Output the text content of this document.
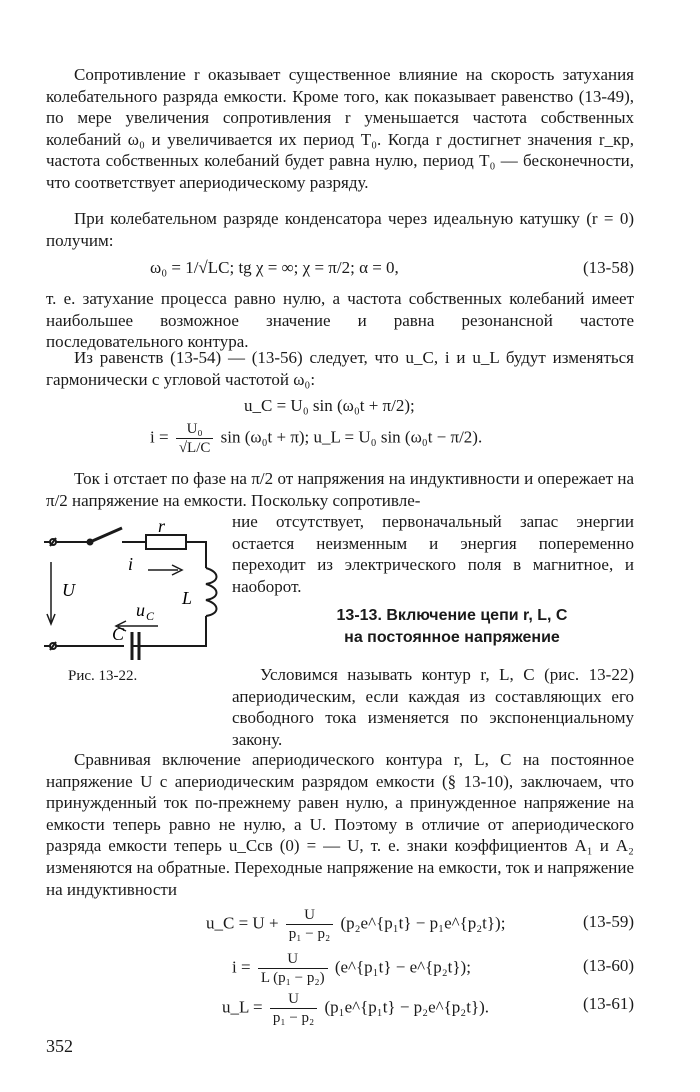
Сопротивление r оказывает существенное влияние на скорость затухания колебательного разряда емкости. Кроме того, как показывает равенство (13-49), по мере увеличения сопротивления r уменьшается частота собственных колебаний ω₀ и увеличивается их период T₀. Когда r достигнет значения r_кр, частота собственных колебаний будет равна нулю, период T₀ — бесконечности, что соответствует апериодическому разряду.

При колебательном разряде конденсатора через идеальную катушку (r = 0) получим:

ω₀ = 1/√LC; tg χ = ∞; χ = π/2; α = 0,	(13-58)

т. е. затухание процесса равно нулю, а частота собственных колебаний имеет наибольшее возможное значение и равна резонансной частоте последовательного контура.

Из равенств (13-54) — (13-56) следует, что u_C, i и u_L будут изменяться гармонически с угловой частотой ω₀:

u_C = U₀ sin (ω₀t + π/2);
$i = \frac{\text{U₀}}{√L/C}$ sin (ω₀t + π); u_L = U₀ sin (ω₀t − π/2).

Ток i отстает по фазе на π/2 от напряжения на индуктивности и опережает на π/2 напряжение на емкости. Поскольку сопротивле-

ние отсутствует, первоначальный запас энергии остается неизменным и энергия попеременно переходит из электрического поля в магнитное, и наоборот.

r
i
U	L
u C
C
Рис. 13-22.
13-13. Включение цепи r, L, C
на постоянное напряжение

Условимся называть контур r, L, C (рис. 13-22) апериодическим, если каждая из составляющих его свободного тока изменяется по экспоненциальному закону.

Сравнивая включение апериодического контура r, L, C на постоянное напряжение U с апериодическим разрядом емкости (§ 13-10), заключаем, что принужденный ток по-прежнему равен нулю, а принужденное напряжение на емкости теперь равно не нулю, а U. Поэтому в отличие от апериодического разряда емкости теперь u_Cсв (0) = — U, т. е. знаки коэффициентов A₁ и A₂ изменяются на обратные. Переходные напряжение на емкости, ток и напряжение на индуктивности

u_C = $U + \frac{U}{\text{p₁ − p₂}}$ (p₂e^{p₁t} − p₁e^{p₂t});	(13-59)
$i = \frac{U}{\text{L (p₁ − p₂)}}$ (e^{p₁t} − e^{p₂t});	(13-60)
u_L = $\frac{U}{\text{p₁ − p₂}}$ (p₁e^{p₁t} − p₂e^{p₂t}).	(13-61)
352
